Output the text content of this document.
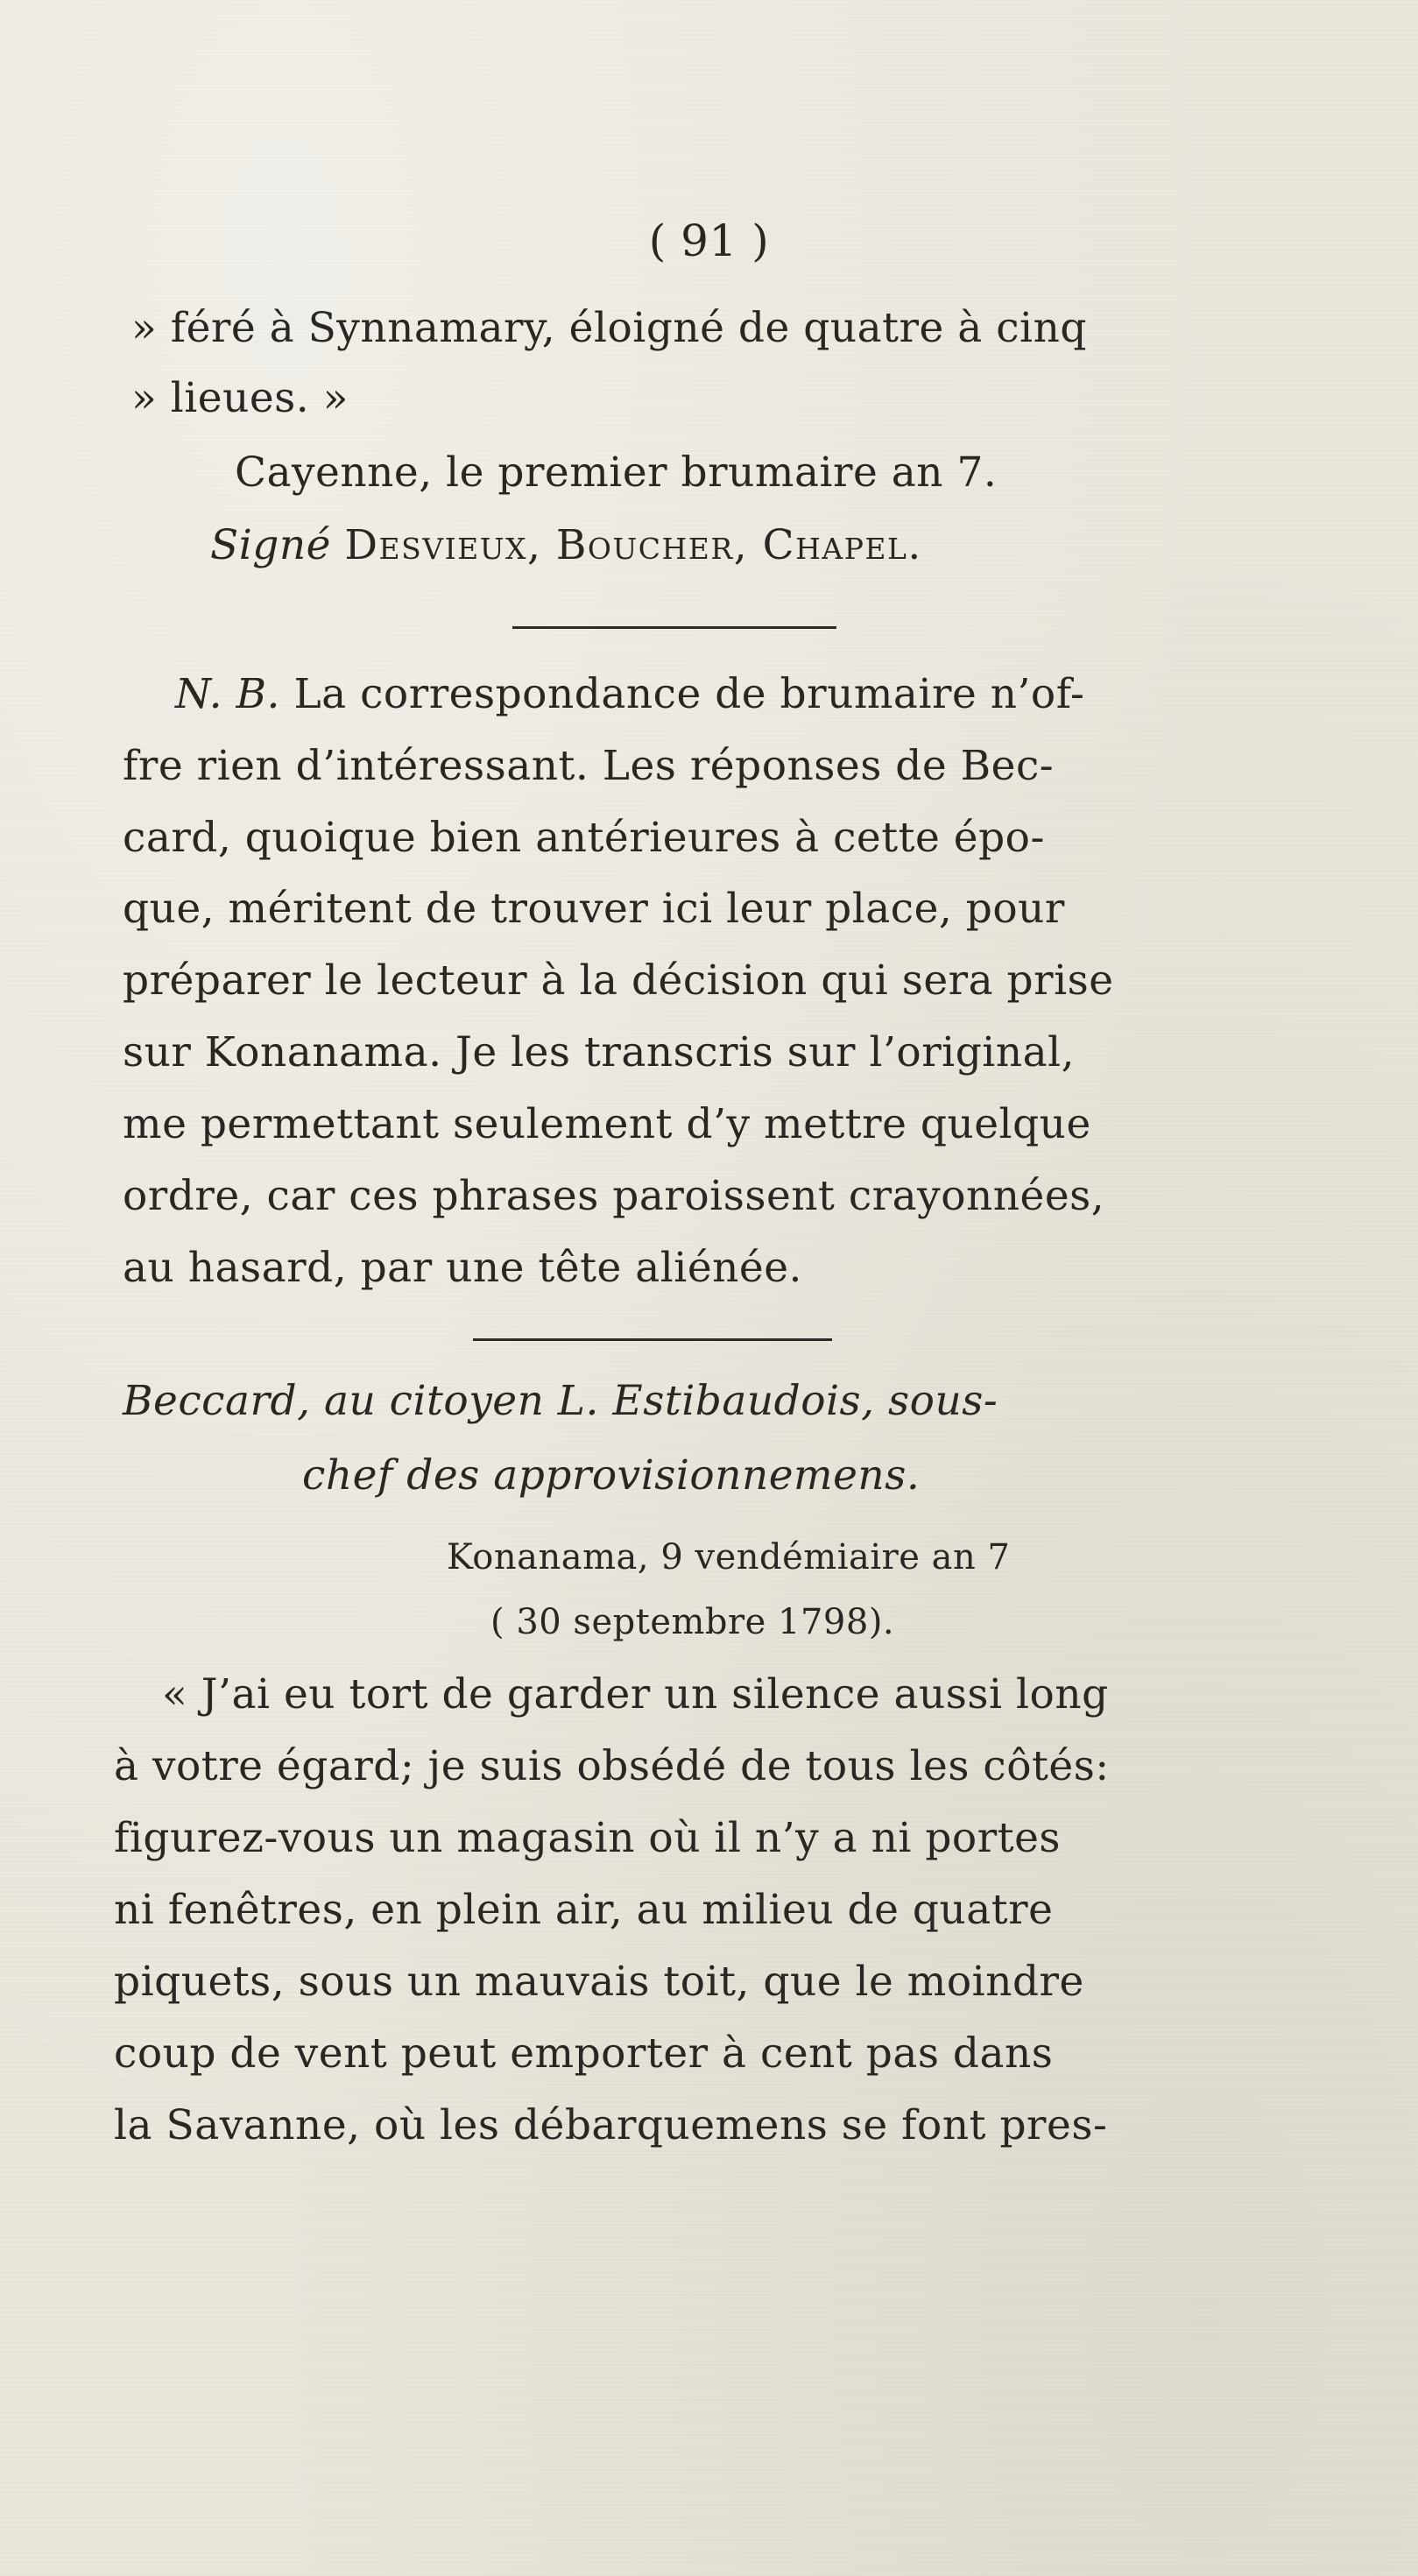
( 91 )
» féré à Synnamary, éloigné de quatre à cinq
» lieues. »
Cayenne, le premier brumaire an 7.
Signé Desvieux, Boucher, Chapel.
N. B. La correspondance de brumaire n’of-
fre rien d’intéressant. Les réponses de Bec-
card, quoique bien antérieures à cette épo-
que, méritent de trouver ici leur place, pour
préparer le lecteur à la décision qui sera prise
sur Konanama. Je les transcris sur l’original,
me permettant seulement d’y mettre quelque
ordre, car ces phrases paroissent crayonnées,
au hasard, par une tête aliénée.
Beccard, au citoyen L. Estibaudois, sous-
chef des approvisionnemens.
Konanama, 9 vendémiaire an 7
( 30 septembre 1798).
« J’ai eu tort de garder un silence aussi long
à votre égard; je suis obsédé de tous les côtés:
figurez-vous un magasin où il n’y a ni portes
ni fenêtres, en plein air, au milieu de quatre
piquets, sous un mauvais toit, que le moindre
coup de vent peut emporter à cent pas dans
la Savanne, où les débarquemens se font pres-
